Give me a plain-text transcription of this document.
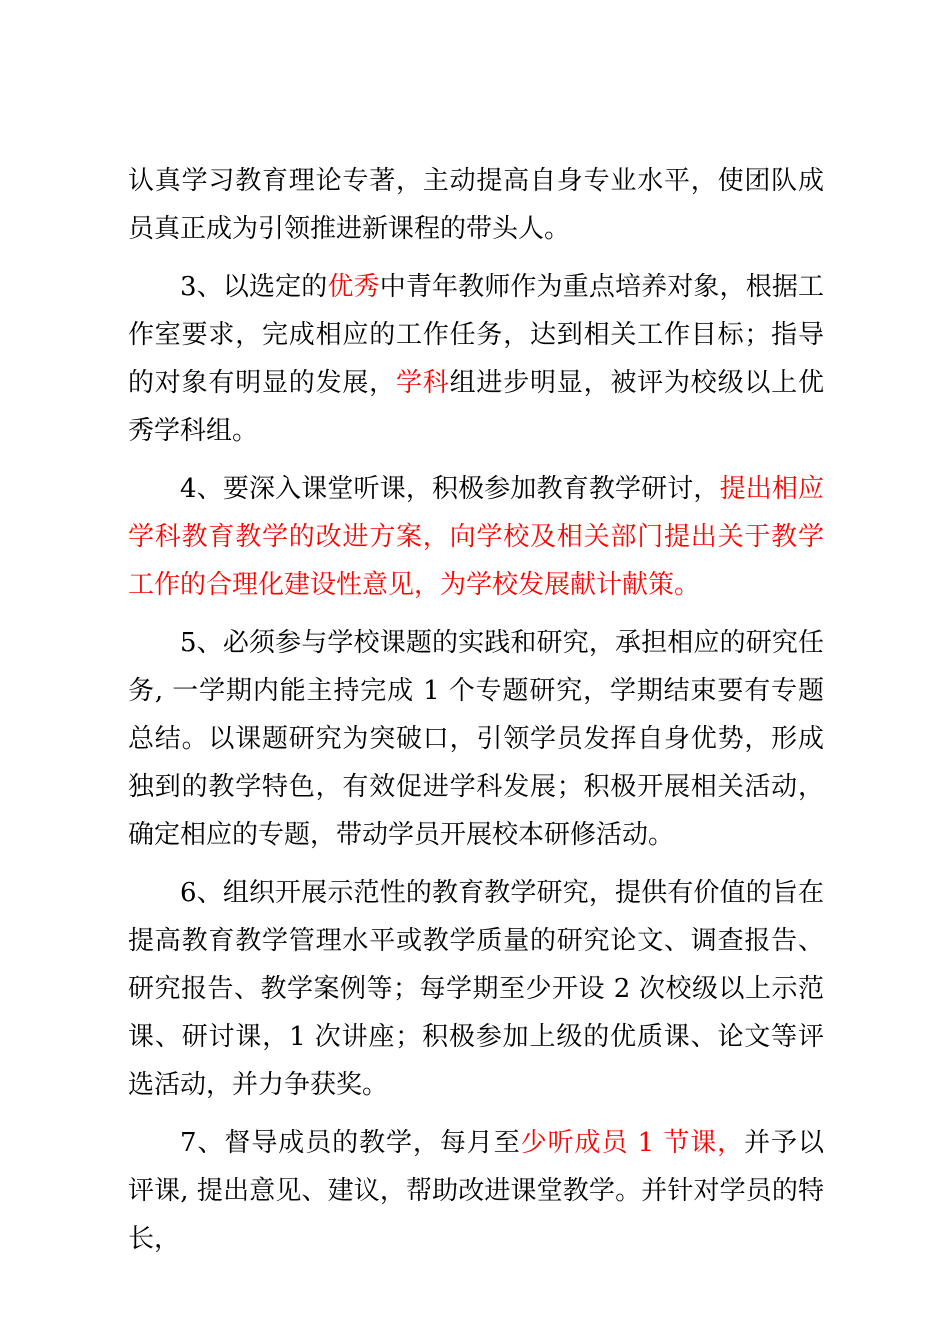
认真学习教育理论专著，主动提高自身专业水平，使团队成员真正成为引领推进新课程的带头人。

3、以选定的优秀中青年教师作为重点培养对象，根据工作室要求，完成相应的工作任务，达到相关工作目标；指导的对象有明显的发展，学科组进步明显，被评为校级以上优秀学科组。

4、要深入课堂听课，积极参加教育教学研讨，提出相应学科教育教学的改进方案，向学校及相关部门提出关于教学工作的合理化建设性意见，为学校发展献计献策。

5、必须参与学校课题的实践和研究，承担相应的研究任务, 一学期内能主持完成 1 个专题研究，学期结束要有专题总结。以课题研究为突破口，引领学员发挥自身优势，形成独到的教学特色，有效促进学科发展；积极开展相关活动，确定相应的专题，带动学员开展校本研修活动。

6、组织开展示范性的教育教学研究，提供有价值的旨在提高教育教学管理水平或教学质量的研究论文、调查报告、研究报告、教学案例等；每学期至少开设 2 次校级以上示范课、研讨课，1 次讲座；积极参加上级的优质课、论文等评选活动，并力争获奖。

7、督导成员的教学，每月至少听成员 1 节课，并予以评课, 提出意见、建议，帮助改进课堂教学。并针对学员的特长，
